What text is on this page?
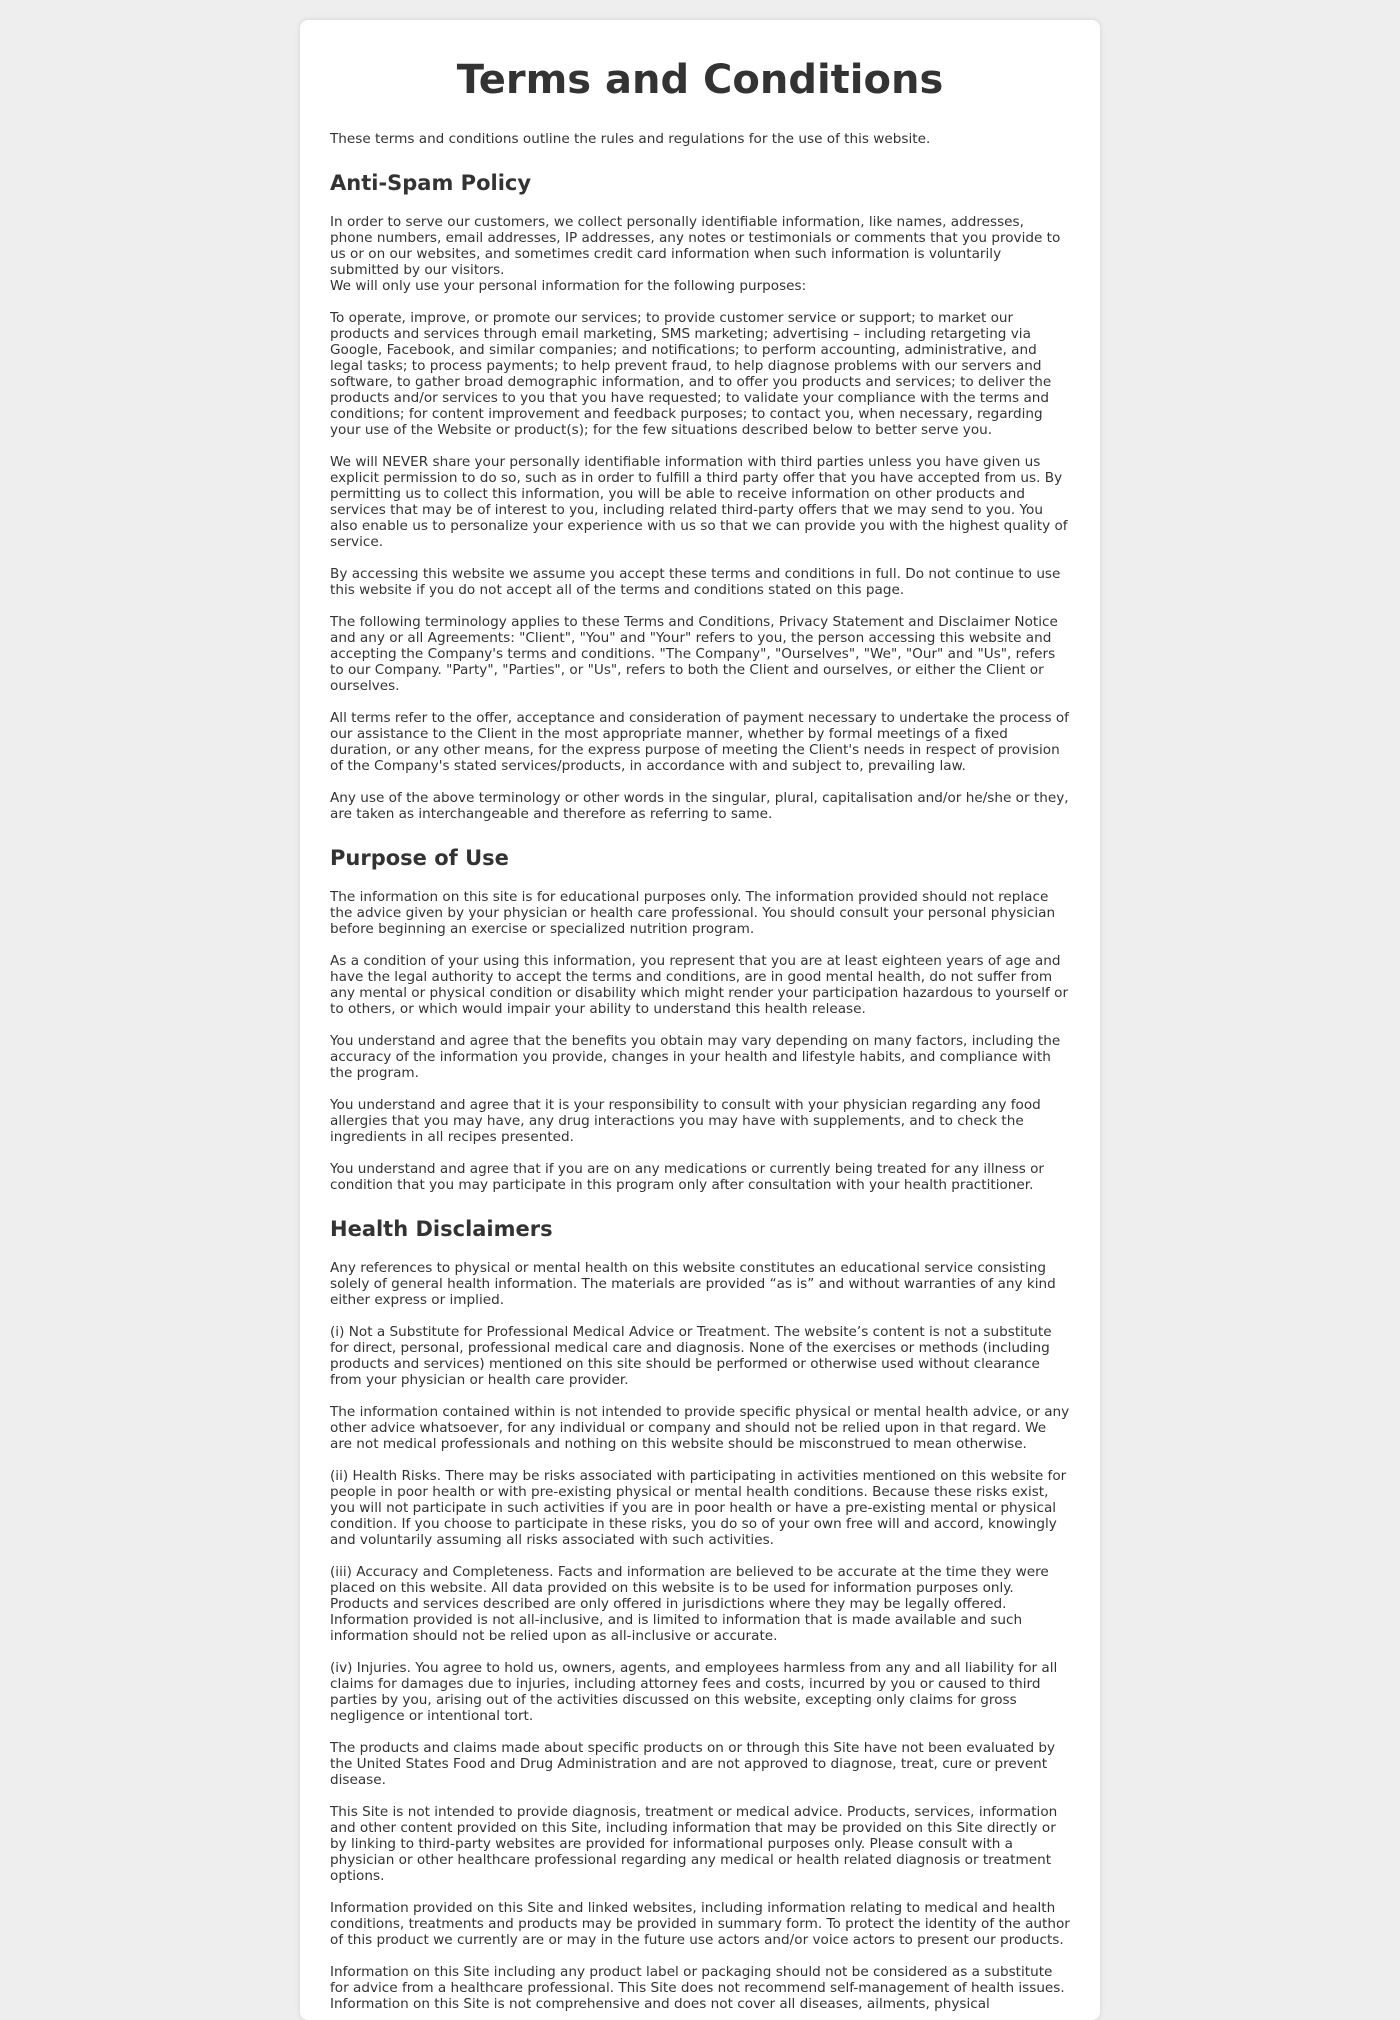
Terms and Conditions

These terms and conditions outline the rules and regulations for the use of this website.

Anti-Spam Policy

In order to serve our customers, we collect personally identifiable information, like names, addresses, phone numbers, email addresses, IP addresses, any notes or testimonials or comments that you provide to us or on our websites, and sometimes credit card information when such information is voluntarily submitted by our visitors.

We will only use your personal information for the following purposes:

To operate, improve, or promote our services; to provide customer service or support; to market our products and services through email marketing, SMS marketing; advertising – including retargeting via Google, Facebook, and similar companies; and notifications; to perform accounting, administrative, and legal tasks; to process payments; to help prevent fraud, to help diagnose problems with our servers and software, to gather broad demographic information, and to offer you products and services; to deliver the products and/or services to you that you have requested; to validate your compliance with the terms and conditions; for content improvement and feedback purposes; to contact you, when necessary, regarding your use of the Website or product(s); for the few situations described below to better serve you.

We will NEVER share your personally identifiable information with third parties unless you have given us explicit permission to do so, such as in order to fulfill a third party offer that you have accepted from us. By permitting us to collect this information, you will be able to receive information on other products and services that may be of interest to you, including related third-party offers that we may send to you. You also enable us to personalize your experience with us so that we can provide you with the highest quality of service.

By accessing this website we assume you accept these terms and conditions in full. Do not continue to use this website if you do not accept all of the terms and conditions stated on this page.

The following terminology applies to these Terms and Conditions, Privacy Statement and Disclaimer Notice and any or all Agreements: "Client", "You" and "Your" refers to you, the person accessing this website and accepting the Company's terms and conditions. "The Company", "Ourselves", "We", "Our" and "Us", refers to our Company. "Party", "Parties", or "Us", refers to both the Client and ourselves, or either the Client or ourselves.

All terms refer to the offer, acceptance and consideration of payment necessary to undertake the process of our assistance to the Client in the most appropriate manner, whether by formal meetings of a fixed duration, or any other means, for the express purpose of meeting the Client's needs in respect of provision of the Company's stated services/products, in accordance with and subject to, prevailing law.

Any use of the above terminology or other words in the singular, plural, capitalisation and/or he/she or they, are taken as interchangeable and therefore as referring to same.

Purpose of Use

The information on this site is for educational purposes only. The information provided should not replace the advice given by your physician or health care professional. You should consult your personal physician before beginning an exercise or specialized nutrition program.

As a condition of your using this information, you represent that you are at least eighteen years of age and have the legal authority to accept the terms and conditions, are in good mental health, do not suffer from any mental or physical condition or disability which might render your participation hazardous to yourself or to others, or which would impair your ability to understand this health release.

You understand and agree that the benefits you obtain may vary depending on many factors, including the accuracy of the information you provide, changes in your health and lifestyle habits, and compliance with the program.

You understand and agree that it is your responsibility to consult with your physician regarding any food allergies that you may have, any drug interactions you may have with supplements, and to check the ingredients in all recipes presented.

You understand and agree that if you are on any medications or currently being treated for any illness or condition that you may participate in this program only after consultation with your health practitioner.

Health Disclaimers

Any references to physical or mental health on this website constitutes an educational service consisting solely of general health information. The materials are provided “as is” and without warranties of any kind either express or implied.

(i) Not a Substitute for Professional Medical Advice or Treatment. The website’s content is not a substitute for direct, personal, professional medical care and diagnosis. None of the exercises or methods (including products and services) mentioned on this site should be performed or otherwise used without clearance from your physician or health care provider.

The information contained within is not intended to provide specific physical or mental health advice, or any other advice whatsoever, for any individual or company and should not be relied upon in that regard. We are not medical professionals and nothing on this website should be misconstrued to mean otherwise.

(ii) Health Risks. There may be risks associated with participating in activities mentioned on this website for people in poor health or with pre-existing physical or mental health conditions. Because these risks exist, you will not participate in such activities if you are in poor health or have a pre-existing mental or physical condition. If you choose to participate in these risks, you do so of your own free will and accord, knowingly and voluntarily assuming all risks associated with such activities.

(iii) Accuracy and Completeness. Facts and information are believed to be accurate at the time they were placed on this website. All data provided on this website is to be used for information purposes only. Products and services described are only offered in jurisdictions where they may be legally offered. Information provided is not all-inclusive, and is limited to information that is made available and such information should not be relied upon as all-inclusive or accurate.

(iv) Injuries. You agree to hold us, owners, agents, and employees harmless from any and all liability for all claims for damages due to injuries, including attorney fees and costs, incurred by you or caused to third parties by you, arising out of the activities discussed on this website, excepting only claims for gross negligence or intentional tort.

The products and claims made about specific products on or through this Site have not been evaluated by the United States Food and Drug Administration and are not approved to diagnose, treat, cure or prevent disease.

This Site is not intended to provide diagnosis, treatment or medical advice. Products, services, information and other content provided on this Site, including information that may be provided on this Site directly or by linking to third-party websites are provided for informational purposes only. Please consult with a physician or other healthcare professional regarding any medical or health related diagnosis or treatment options.

Information provided on this Site and linked websites, including information relating to medical and health conditions, treatments and products may be provided in summary form. To protect the identity of the author of this product we currently are or may in the future use actors and/or voice actors to present our products.

Information on this Site including any product label or packaging should not be considered as a substitute for advice from a healthcare professional. This Site does not recommend self-management of health issues. Information on this Site is not comprehensive and does not cover all diseases, ailments, physical
